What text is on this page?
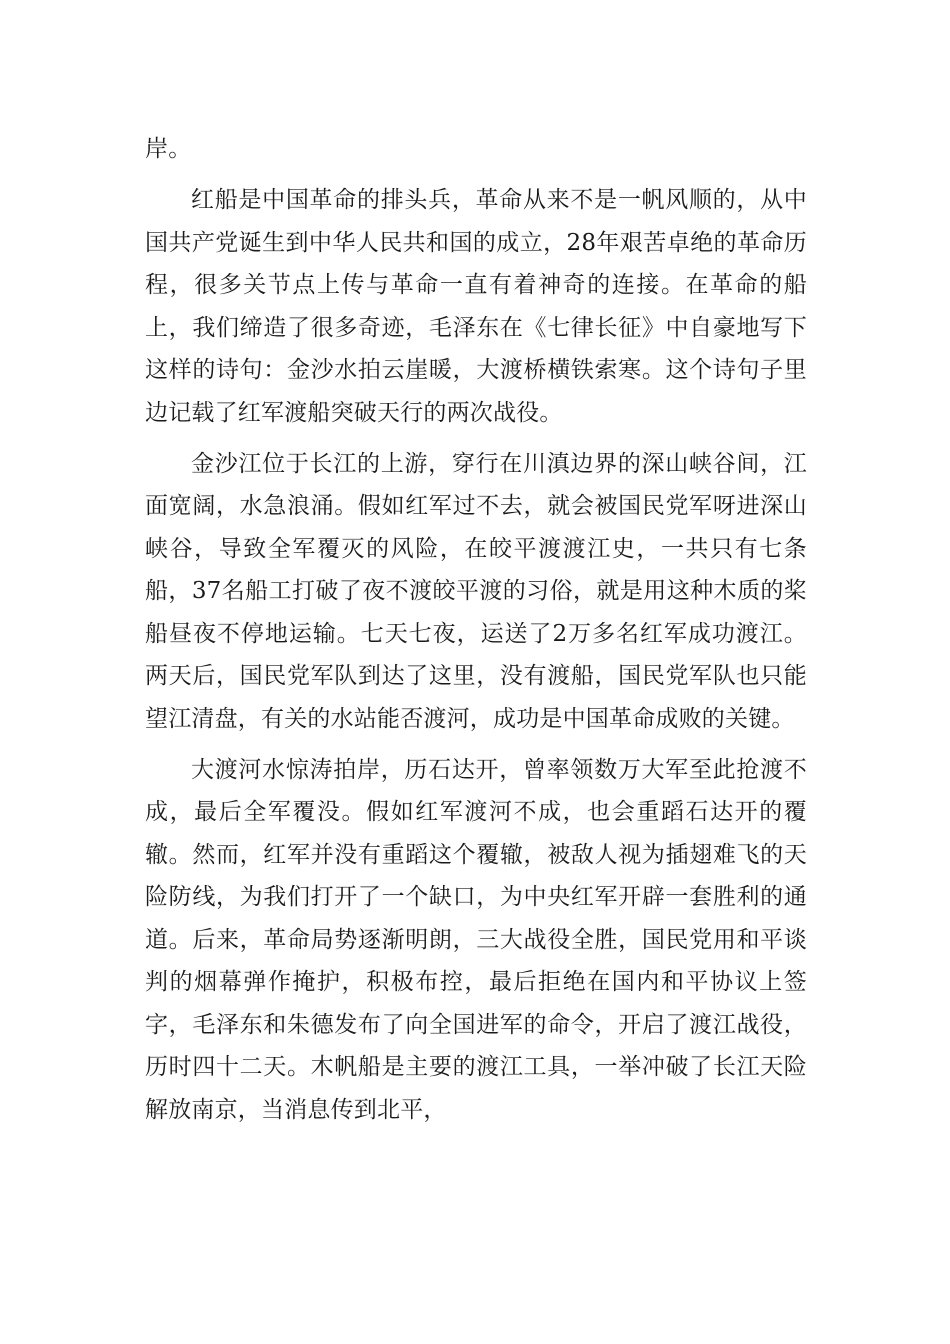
岸。

红船是中国革命的排头兵，革命从来不是一帆风顺的，从中国共产党诞生到中华人民共和国的成立，28年艰苦卓绝的革命历程，很多关节点上传与革命一直有着神奇的连接。在革命的船上，我们缔造了很多奇迹，毛泽东在《七律长征》中自豪地写下这样的诗句：金沙水拍云崖暖，大渡桥横铁索寒。这个诗句子里边记载了红军渡船突破天行的两次战役。

金沙江位于长江的上游，穿行在川滇边界的深山峡谷间，江面宽阔，水急浪涌。假如红军过不去，就会被国民党军呀进深山峡谷，导致全军覆灭的风险，在皎平渡渡江史，一共只有七条船，37名船工打破了夜不渡皎平渡的习俗，就是用这种木质的桨船昼夜不停地运输。七天七夜，运送了2万多名红军成功渡江。两天后，国民党军队到达了这里，没有渡船，国民党军队也只能望江清盘，有关的水站能否渡河，成功是中国革命成败的关键。

大渡河水惊涛拍岸，历石达开，曾率领数万大军至此抢渡不成，最后全军覆没。假如红军渡河不成，也会重蹈石达开的覆辙。然而，红军并没有重蹈这个覆辙，被敌人视为插翅难飞的天险防线，为我们打开了一个缺口，为中央红军开辟一套胜利的通道。后来，革命局势逐渐明朗，三大战役全胜，国民党用和平谈判的烟幕弹作掩护，积极布控，最后拒绝在国内和平协议上签字，毛泽东和朱德发布了向全国进军的命令，开启了渡江战役，历时四十二天。木帆船是主要的渡江工具，一举冲破了长江天险解放南京，当消息传到北平，
